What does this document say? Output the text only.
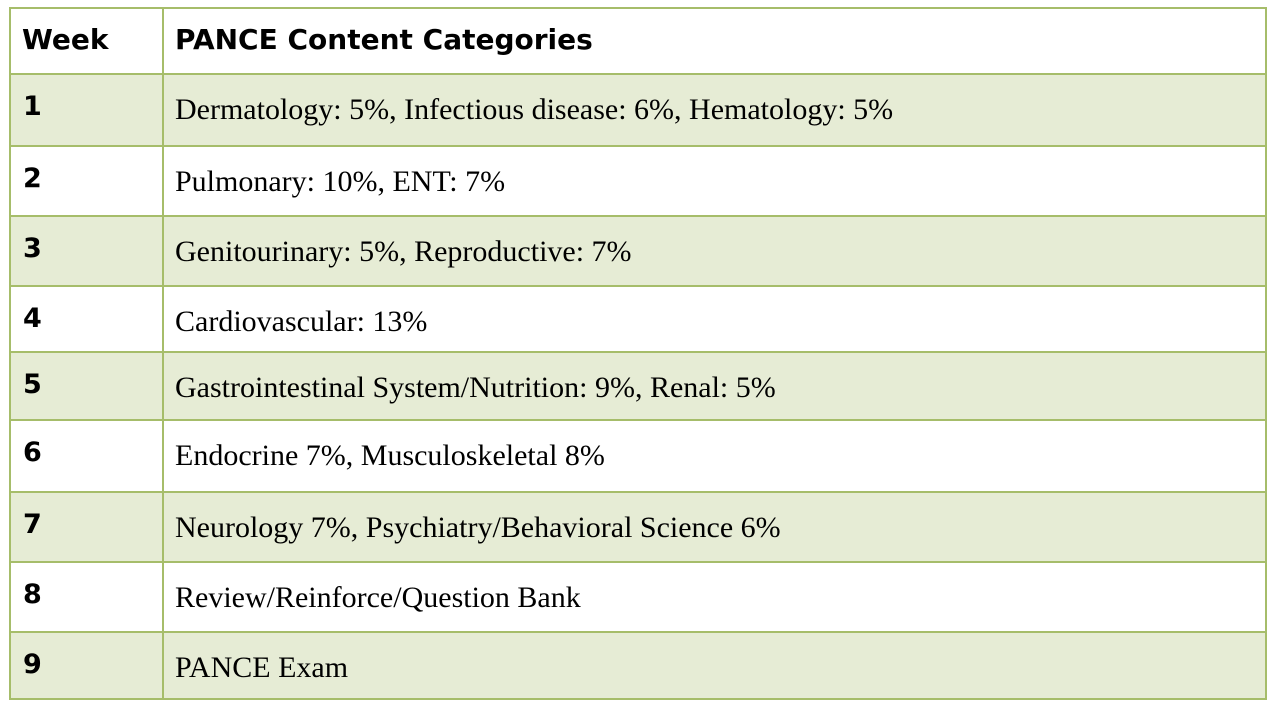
Week	PANCE Content Categories
1	Dermatology: 5%, Infectious disease: 6%, Hematology: 5%
2	Pulmonary: 10%, ENT: 7%
3	Genitourinary: 5%, Reproductive: 7%
4	Cardiovascular: 13%
5	Gastrointestinal System/Nutrition: 9%, Renal: 5%
6	Endocrine 7%, Musculoskeletal 8%
7	Neurology 7%, Psychiatry/Behavioral Science 6%
8	Review/Reinforce/Question Bank
9	PANCE Exam
